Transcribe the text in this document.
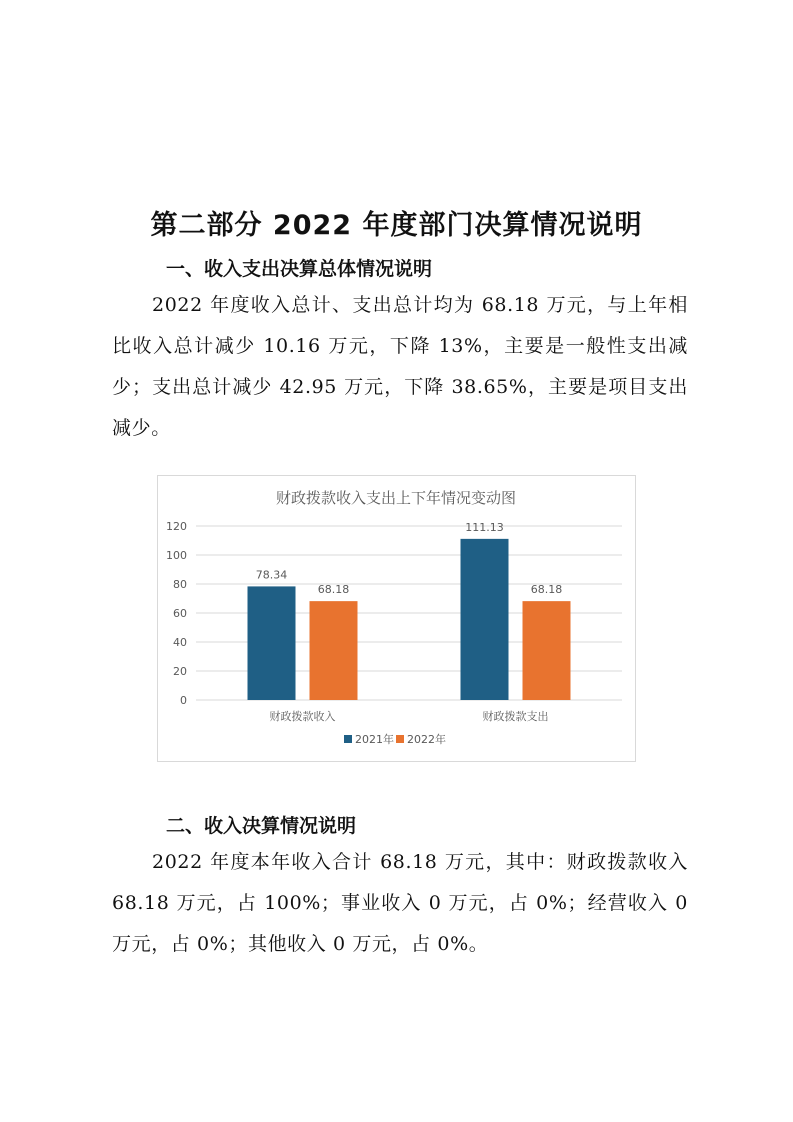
第二部分 2022 年度部门决算情况说明
一、收入支出决算总体情况说明

2022 年度收入总计、支出总计均为 68.18 万元，与上年相比收入总计减少 10.16 万元，下降 13%，主要是一般性支出减少；支出总计减少 42.95 万元，下降 38.65%，主要是项目支出减少。

财政拨款收入支出上下年情况变动图
0
20
40
60
80
100
120
78.34
68.18
财政拨款收入
111.13
68.18
财政拨款支出
2021年 2022年
二、收入决算情况说明

2022 年度本年收入合计 68.18 万元，其中：财政拨款收入 68.18 万元，占 100%；事业收入 0 万元，占 0%；经营收入 0 万元，占 0%；其他收入 0 万元，占 0%。
